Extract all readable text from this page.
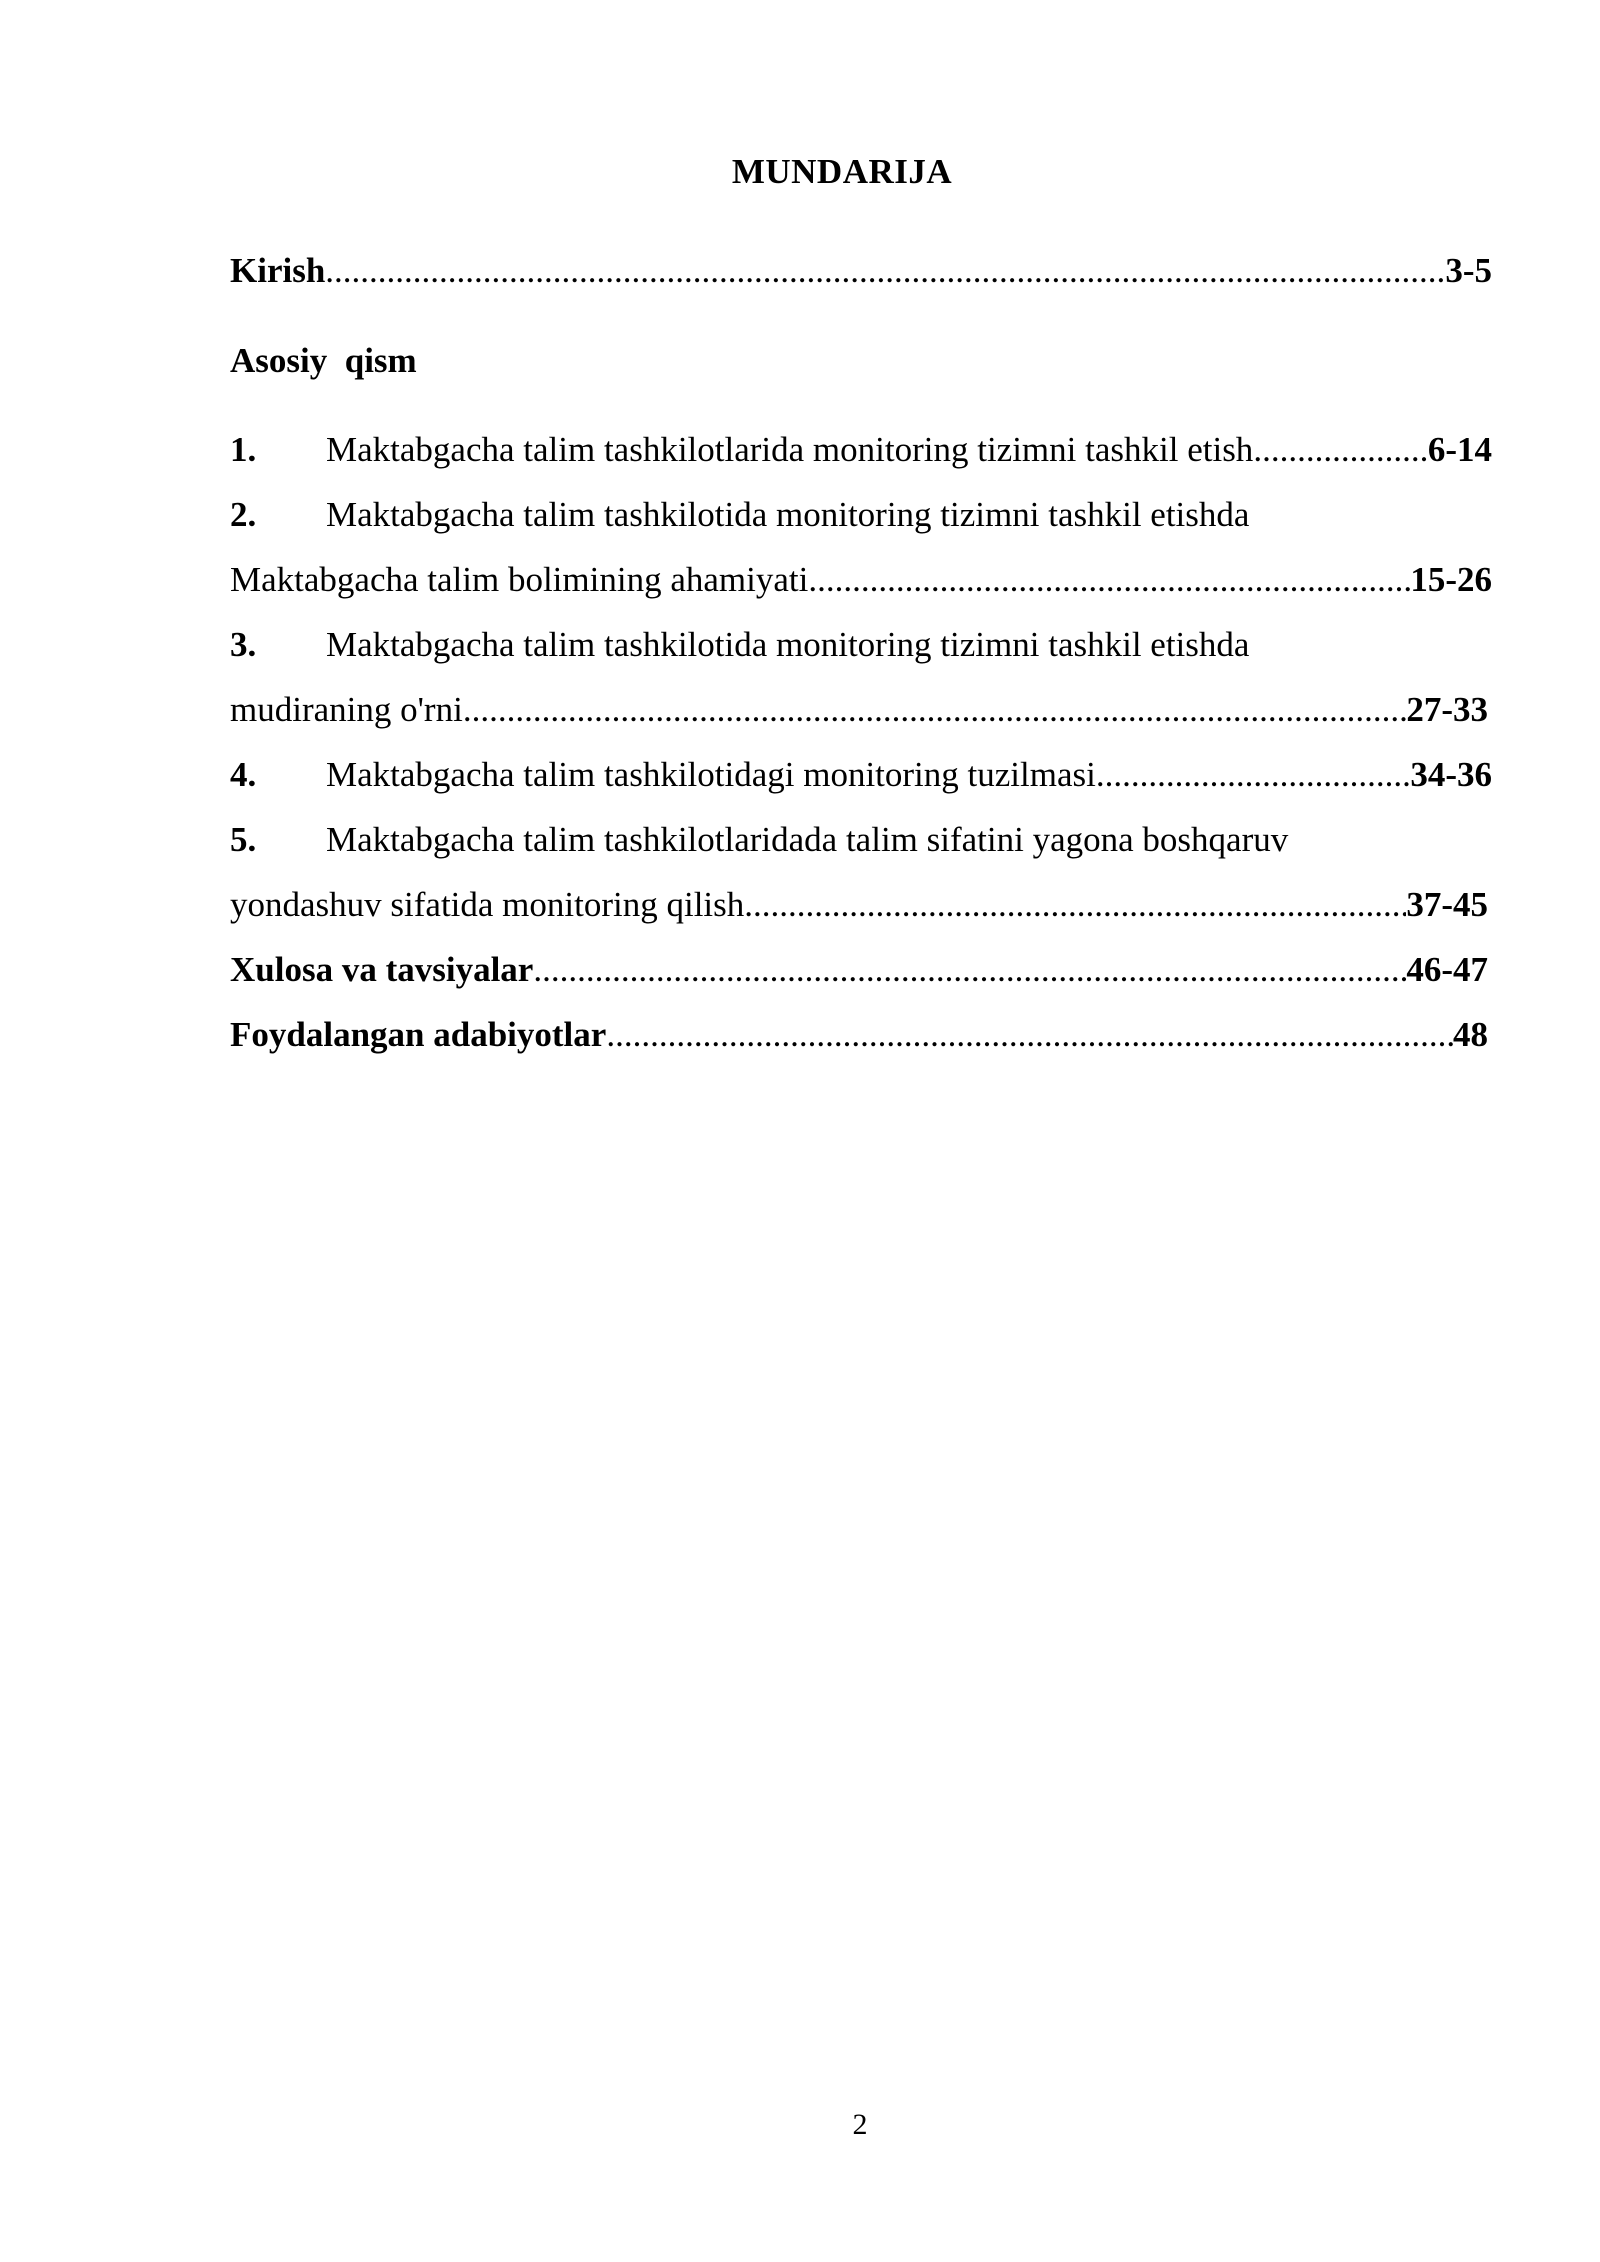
MUNDARIJA
Kirish .....	3-5
Asosiy  qism
1.	Maktabgacha talim tashkilotlarida monitoring tizimni tashkil etish .....	6-14
2.	Maktabgacha talim tashkilotida monitoring tizimni tashkil etishda
Maktabgacha talim bolimining ahamiyati .....	15-26
3.	Maktabgacha talim tashkilotida monitoring tizimni tashkil etishda
mudiraning o'rni .....	27-33
4.	Maktabgacha talim tashkilotidagi monitoring tuzilmasi .....	34-36
5.	Maktabgacha talim tashkilotlaridada talim sifatini yagona boshqaruv
yondashuv sifatida monitoring qilish .....	37-45
Xulosa va tavsiyalar .....	46-47
Foydalangan adabiyotlar .....	48
2
